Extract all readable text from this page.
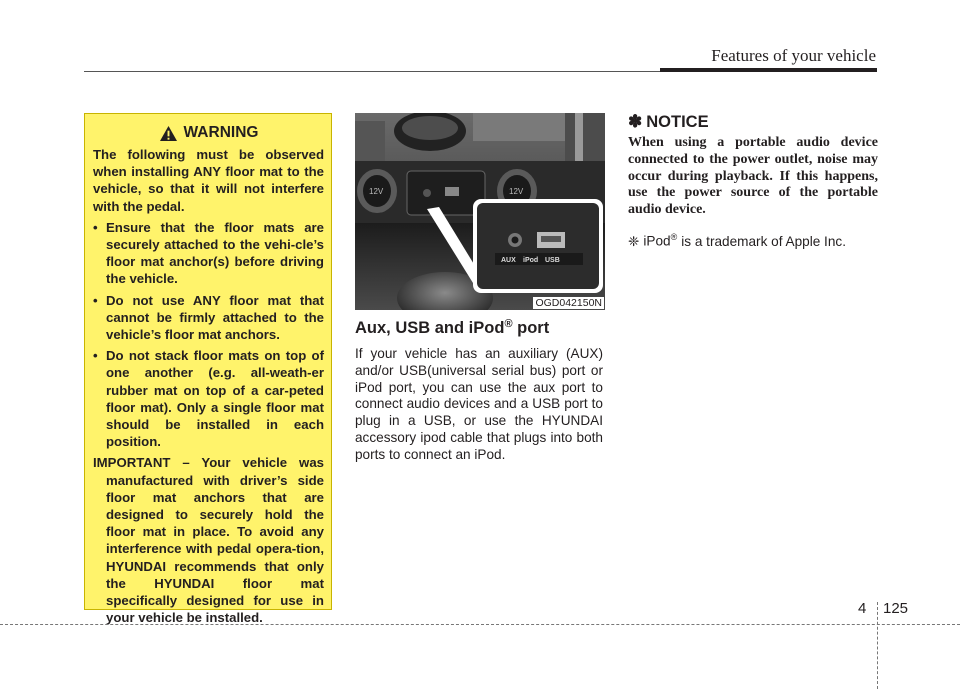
Features of your vehicle
WARNING

The following must be observed when installing ANY floor mat to the vehicle, so that it will not interfere with the pedal.

• Ensure that the floor mats are securely attached to the vehi-cle’s floor mat anchor(s) before driving the vehicle.
• Do not use ANY floor mat that cannot be firmly attached to the vehicle’s floor mat anchors.
• Do not stack floor mats on top of one another (e.g. all-weath-er rubber mat on top of a car-peted floor mat). Only a single floor mat should be installed in each position.

IMPORTANT – Your vehicle was manufactured with driver’s side floor mat anchors that are designed to securely hold the floor mat in place. To avoid any interference with pedal opera-tion, HYUNDAI recommends that only the HYUNDAI floor mat specifically designed for use in your vehicle be installed.

12V	12V
AUX iPod USB
OGD042150N
Aux, USB and iPod® port

If your vehicle has an auxiliary (AUX) and/or USB(universal serial bus) port or iPod port, you can use the aux port to connect audio devices and a USB port to plug in a USB, or use the HYUNDAI accessory ipod cable that plugs into both ports to connect an iPod.

✽ NOTICE

When using a portable audio device connected to the power outlet, noise may occur during playback. If this happens, use the power source of the portable audio device.

❈ iPod® is a trademark of Apple Inc.
4 125
